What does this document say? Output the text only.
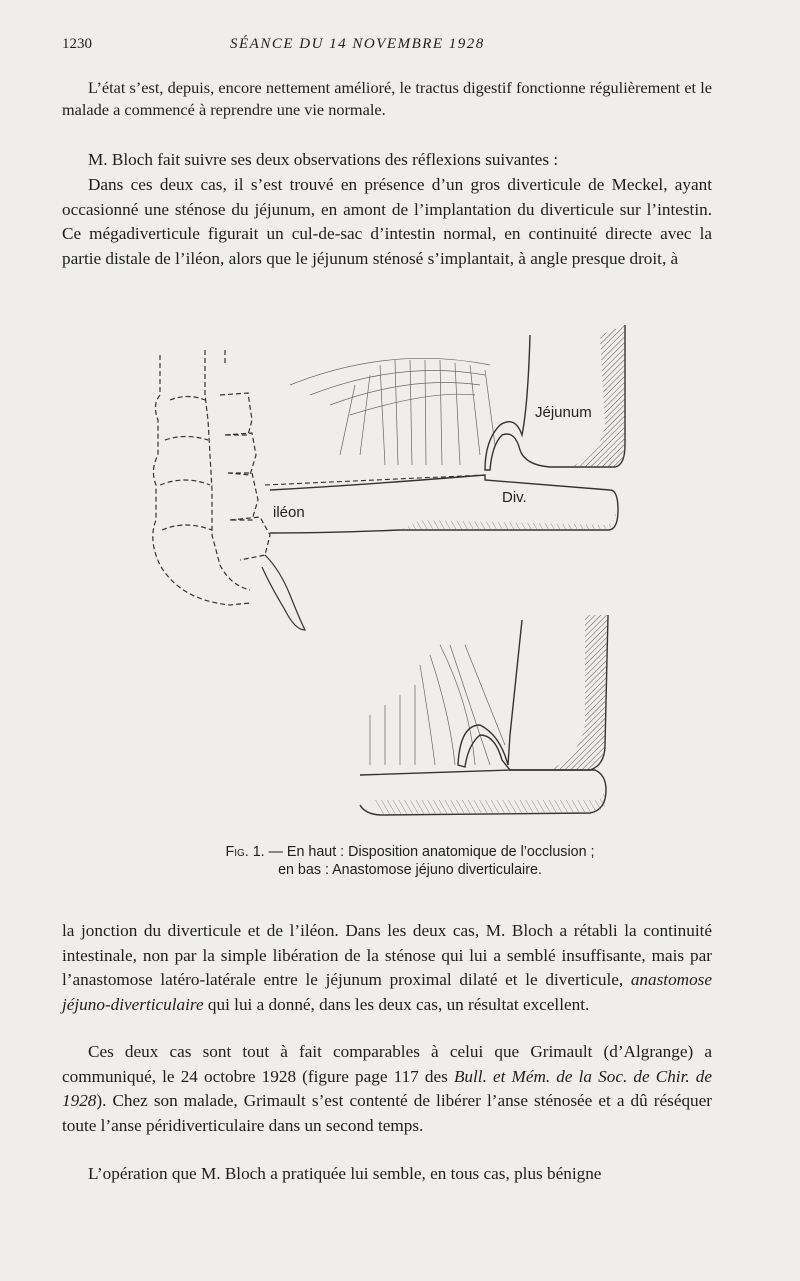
1230	SÉANCE DU 14 NOVEMBRE 1928

L’état s’est, depuis, encore nettement amélioré, le tractus digestif fonctionne régulièrement et le malade a commencé à reprendre une vie normale.

M. Bloch fait suivre ses deux observations des réflexions suivantes :

Dans ces deux cas, il s’est trouvé en présence d’un gros diverticule de Meckel, ayant occasionné une sténose du jéjunum, en amont de l’implantation du diverticule sur l’intestin. Ce mégadiverticule figurait un cul-de-sac d’intestin normal, en continuité directe avec la partie distale de l’iléon, alors que le jéjunum sténosé s’implantait, à angle presque droit, à

Jéjunum
Div.
iléon
Fig. 1. — En haut : Disposition anatomique de l’occlusion ;
en bas : Anastomose jéjuno diverticulaire.

la jonction du diverticule et de l’iléon. Dans les deux cas, M. Bloch a rétabli la continuité intestinale, non par la simple libération de la sténose qui lui a semblé insuffisante, mais par l’anastomose latéro-latérale entre le jéjunum proximal dilaté et le diverticule, anastomose jéjuno-diverticulaire qui lui a donné, dans les deux cas, un résultat excellent.

Ces deux cas sont tout à fait comparables à celui que Grimault (d’Algrange) a communiqué, le 24 octobre 1928 (figure page 117 des Bull. et Mém. de la Soc. de Chir. de 1928). Chez son malade, Grimault s’est contenté de libérer l’anse sténosée et a dû réséquer toute l’anse péridiverticulaire dans un second temps.

L’opération que M. Bloch a pratiquée lui semble, en tous cas, plus bénigne
